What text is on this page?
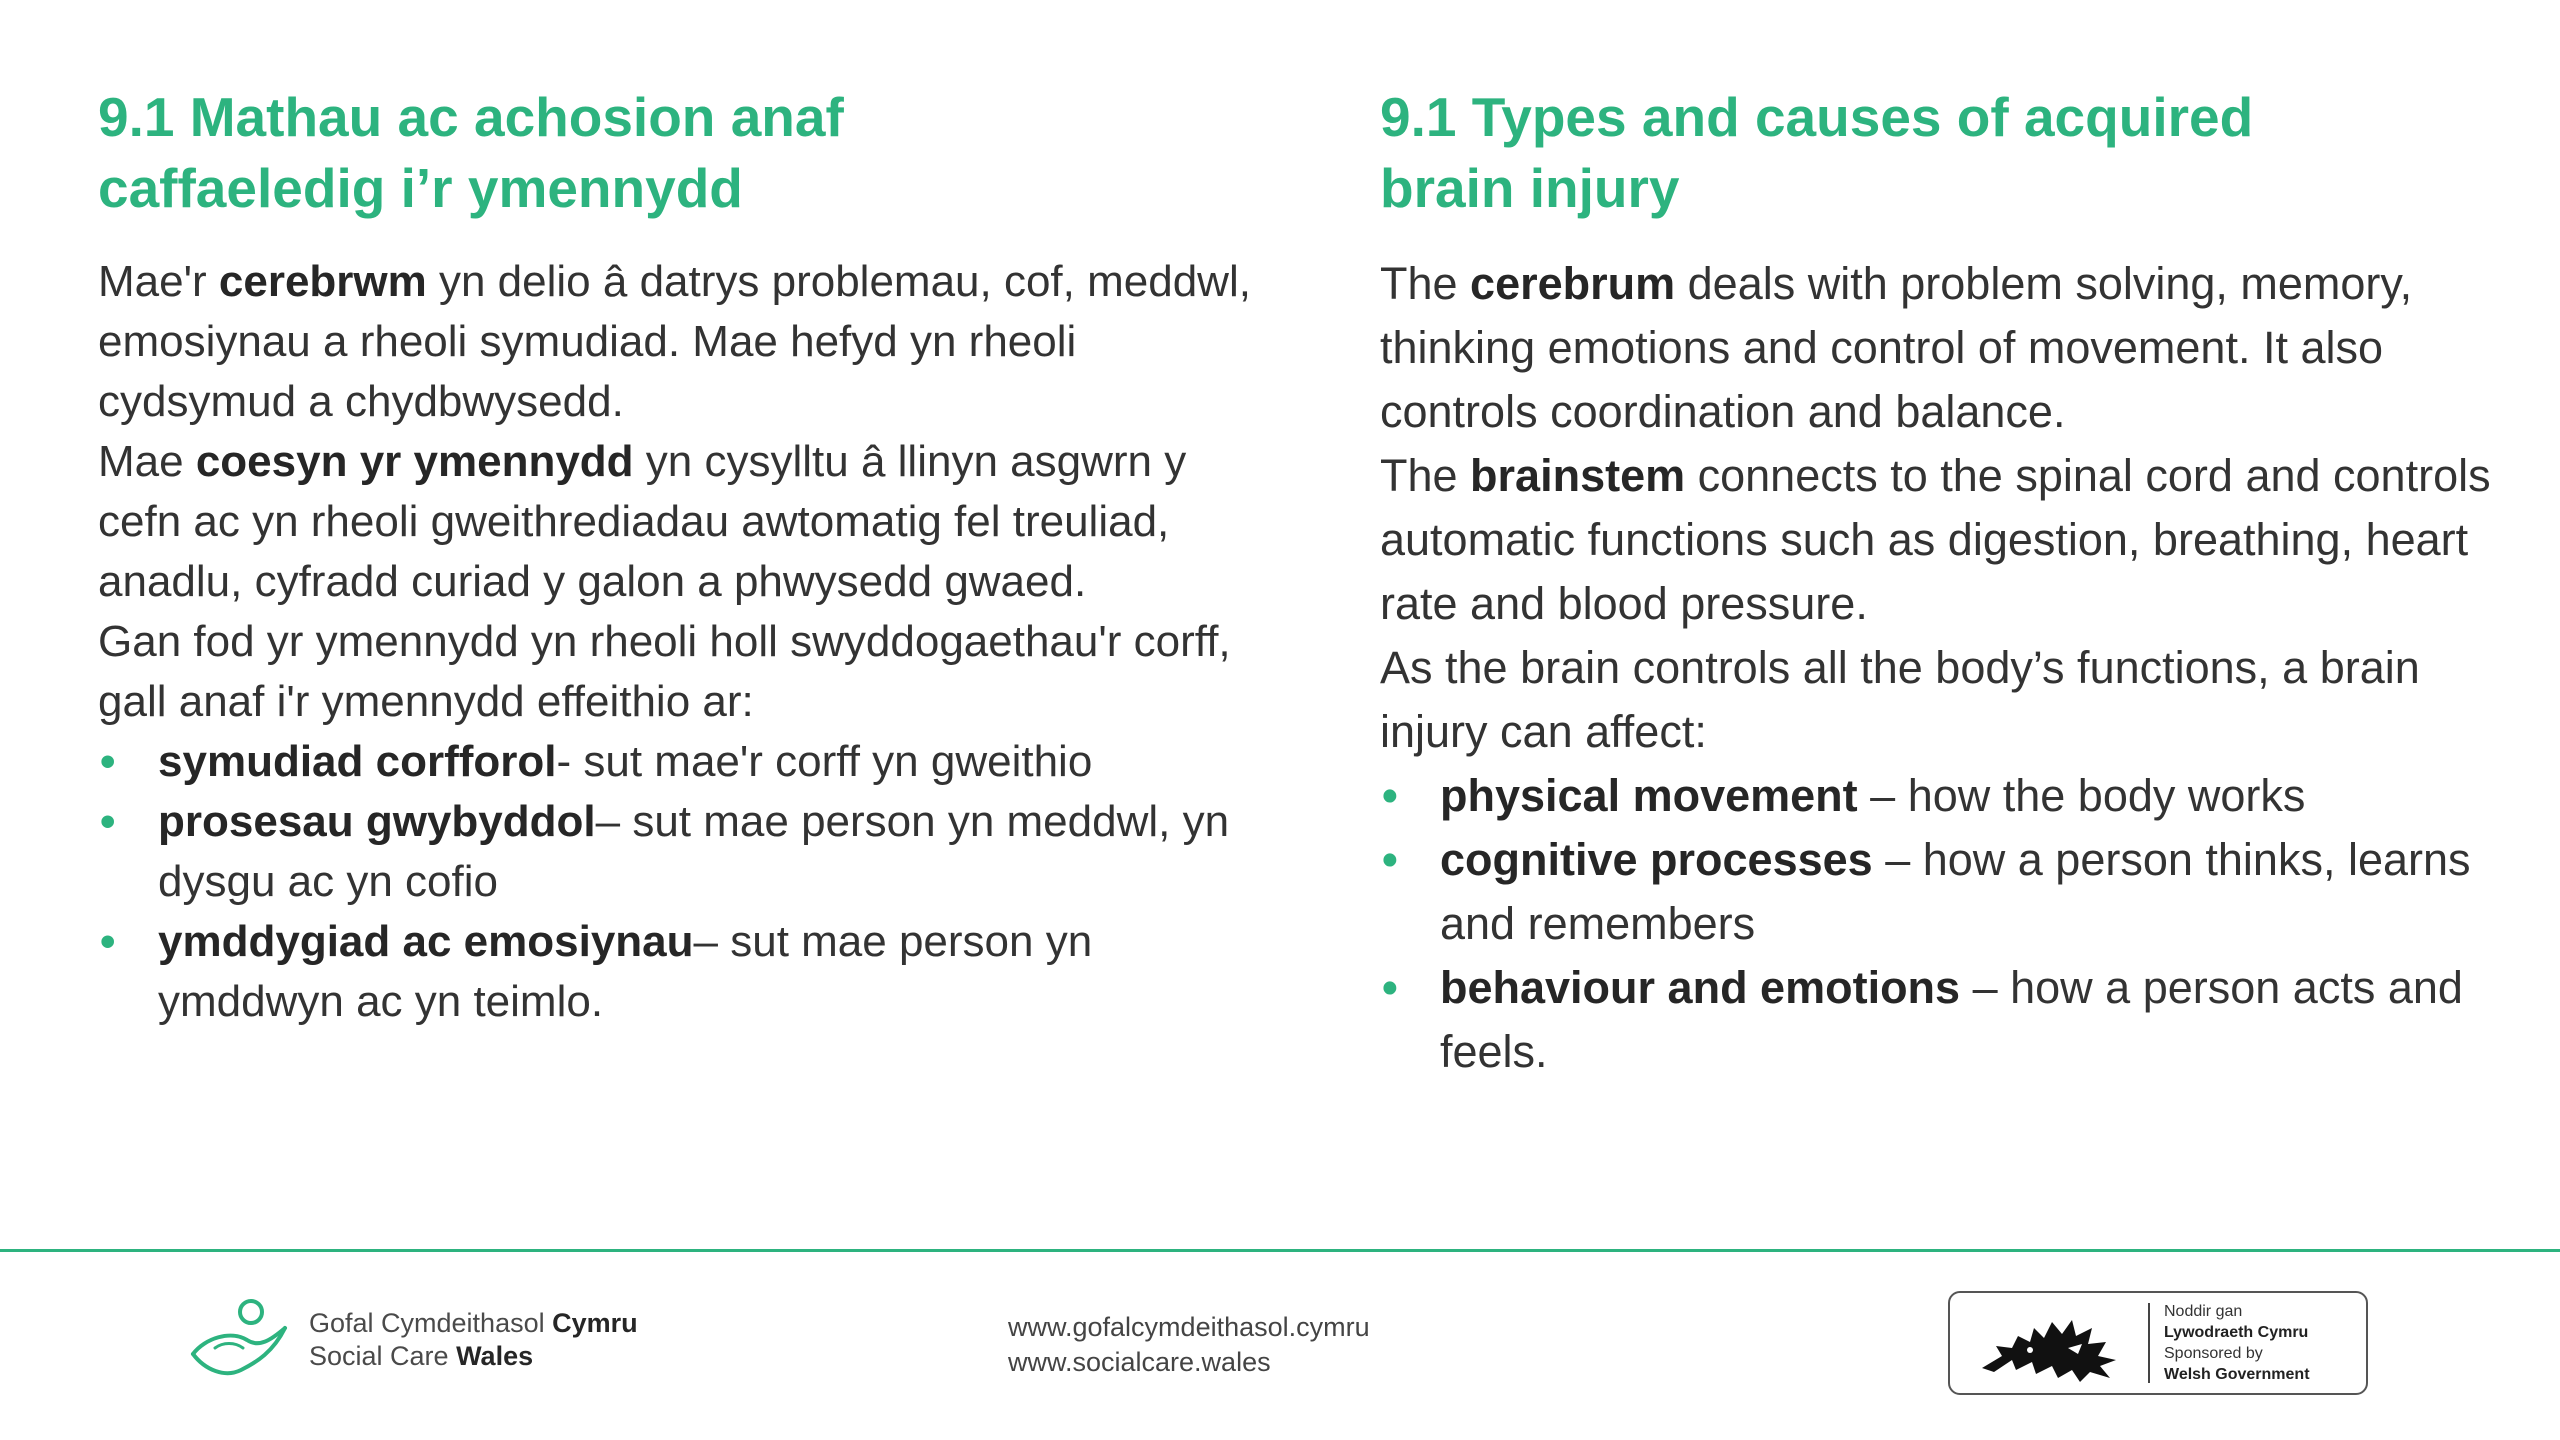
9.1 Mathau ac achosion anaf
caffaeledig i’r ymennydd

Mae'r cerebrwm yn delio â datrys problemau, cof, meddwl, emosiynau a rheoli symudiad. Mae hefyd yn rheoli cydsymud a chydbwysedd.

Mae coesyn yr ymennydd yn cysylltu â llinyn asgwrn y cefn ac yn rheoli gweithrediadau awtomatig fel treuliad, anadlu, cyfradd curiad y galon a phwysedd gwaed.

Gan fod yr ymennydd yn rheoli holl swyddogaethau'r corff, gall anaf i'r ymennydd effeithio ar:

• symudiad corfforol- sut mae'r corff yn gweithio
• prosesau gwybyddol– sut mae person yn meddwl, yn dysgu ac yn cofio
• ymddygiad ac emosiynau– sut mae person yn ymddwyn ac yn teimlo.
9.1 Types and causes of acquired
brain injury

The cerebrum deals with problem solving, memory, thinking emotions and control of movement. It also controls coordination and balance.

The brainstem connects to the spinal cord and controls automatic functions such as digestion, breathing, heart rate and blood pressure.

As the brain controls all the body’s functions, a brain injury can affect:

• physical movement – how the body works
• cognitive processes – how a person thinks, learns and remembers
• behaviour and emotions – how a person acts and feels.
Gofal Cymdeithasol Cymru
Social Care Wales
www.gofalcymdeithasol.cymru
www.socialcare.wales
Noddir gan
Lywodraeth Cymru
Sponsored by
Welsh Government
